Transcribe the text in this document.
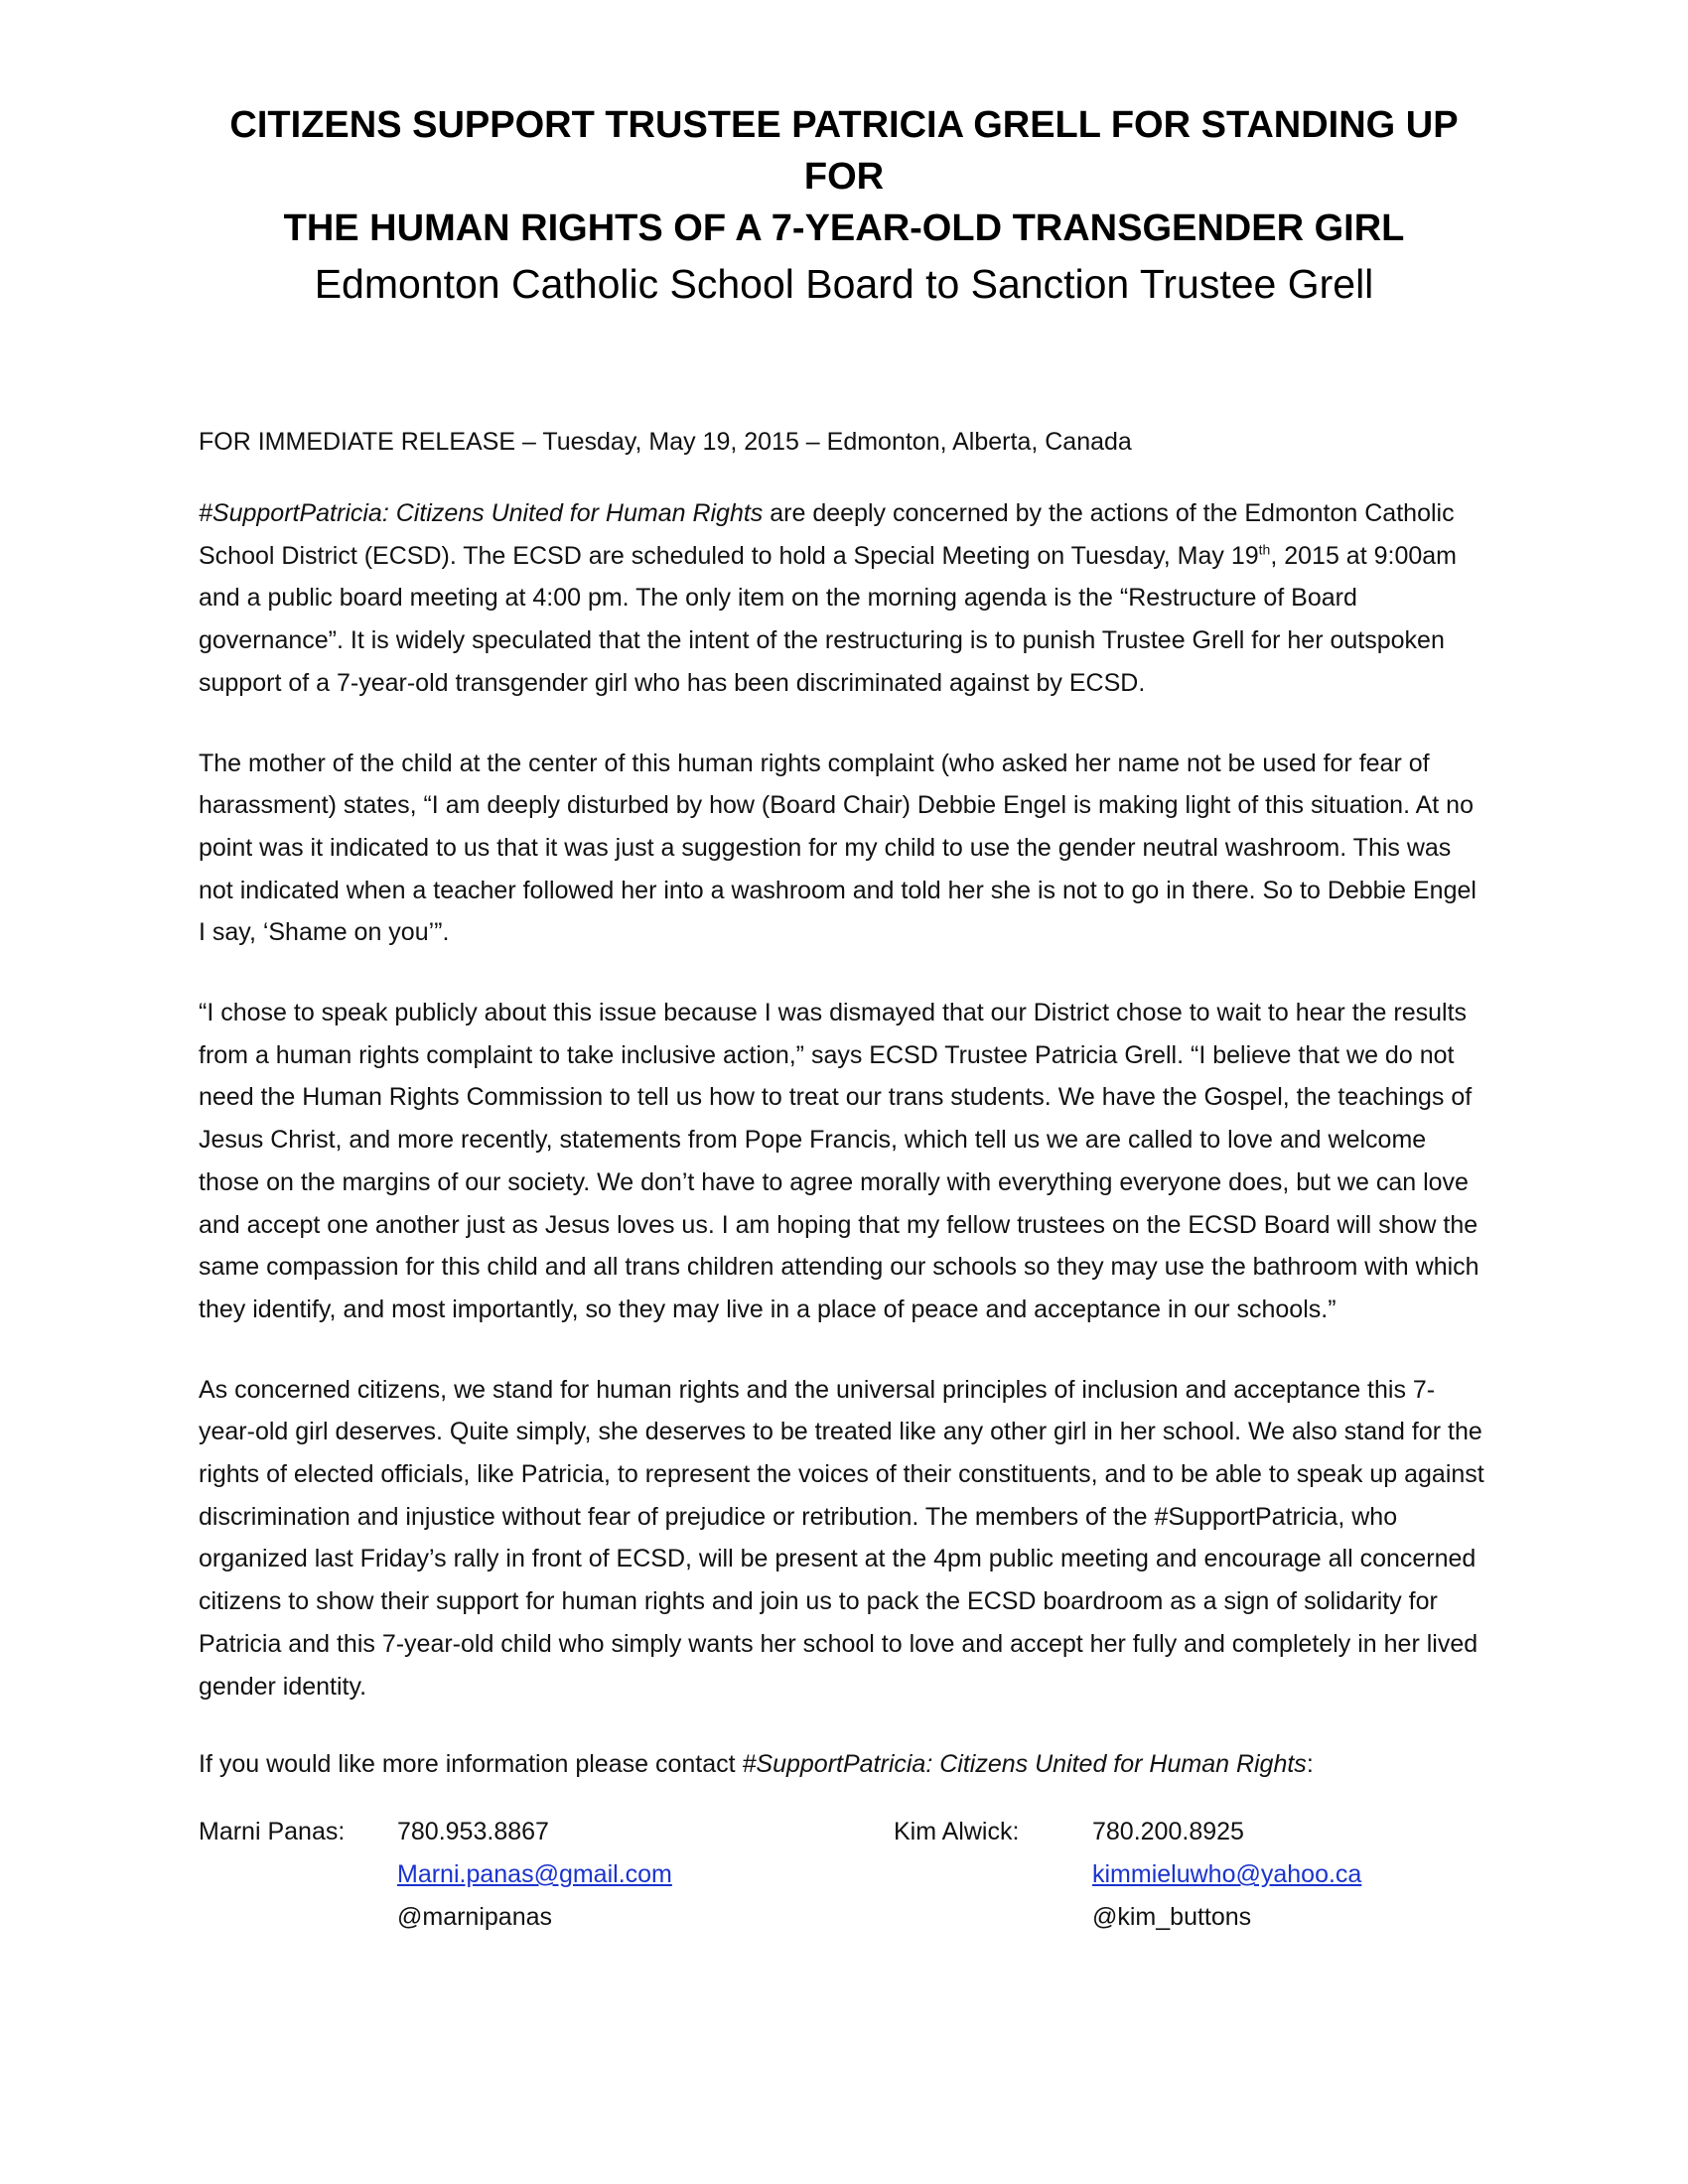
CITIZENS SUPPORT TRUSTEE PATRICIA GRELL FOR STANDING UP FOR
THE HUMAN RIGHTS OF A 7-YEAR-OLD TRANSGENDER GIRL
Edmonton Catholic School Board to Sanction Trustee Grell
FOR IMMEDIATE RELEASE – Tuesday, May 19, 2015 – Edmonton, Alberta, Canada

#SupportPatricia: Citizens United for Human Rights are deeply concerned by the actions of the Edmonton Catholic School District (ECSD). The ECSD are scheduled to hold a Special Meeting on Tuesday, May 19th, 2015 at 9:00am and a public board meeting at 4:00 pm. The only item on the morning agenda is the “Restructure of Board governance”. It is widely speculated that the intent of the restructuring is to punish Trustee Grell for her outspoken support of a 7-year-old transgender girl who has been discriminated against by ECSD.

The mother of the child at the center of this human rights complaint (who asked her name not be used for fear of harassment) states, “I am deeply disturbed by how (Board Chair) Debbie Engel is making light of this situation. At no point was it indicated to us that it was just a suggestion for my child to use the gender neutral washroom. This was not indicated when a teacher followed her into a washroom and told her she is not to go in there. So to Debbie Engel I say, ‘Shame on you’”.

“I chose to speak publicly about this issue because I was dismayed that our District chose to wait to hear the results from a human rights complaint to take inclusive action,” says ECSD Trustee Patricia Grell. “I believe that we do not need the Human Rights Commission to tell us how to treat our trans students. We have the Gospel, the teachings of Jesus Christ, and more recently, statements from Pope Francis, which tell us we are called to love and welcome those on the margins of our society. We don’t have to agree morally with everything everyone does, but we can love and accept one another just as Jesus loves us. I am hoping that my fellow trustees on the ECSD Board will show the same compassion for this child and all trans children attending our schools so they may use the bathroom with which they identify, and most importantly, so they may live in a place of peace and acceptance in our schools.”

As concerned citizens, we stand for human rights and the universal principles of inclusion and acceptance this 7-year-old girl deserves. Quite simply, she deserves to be treated like any other girl in her school. We also stand for the rights of elected officials, like Patricia, to represent the voices of their constituents, and to be able to speak up against discrimination and injustice without fear of prejudice or retribution. The members of the #SupportPatricia, who organized last Friday’s rally in front of ECSD, will be present at the 4pm public meeting and encourage all concerned citizens to show their support for human rights and join us to pack the ECSD boardroom as a sign of solidarity for Patricia and this 7-year-old child who simply wants her school to love and accept her fully and completely in her lived gender identity.

If you would like more information please contact #SupportPatricia: Citizens United for Human Rights:
Marni Panas: 780.953.8867
Marni.panas@gmail.com
@marnipanas
Kim Alwick:	780.200.8925
kimmieluwho@yahoo.ca
@kim_buttons
